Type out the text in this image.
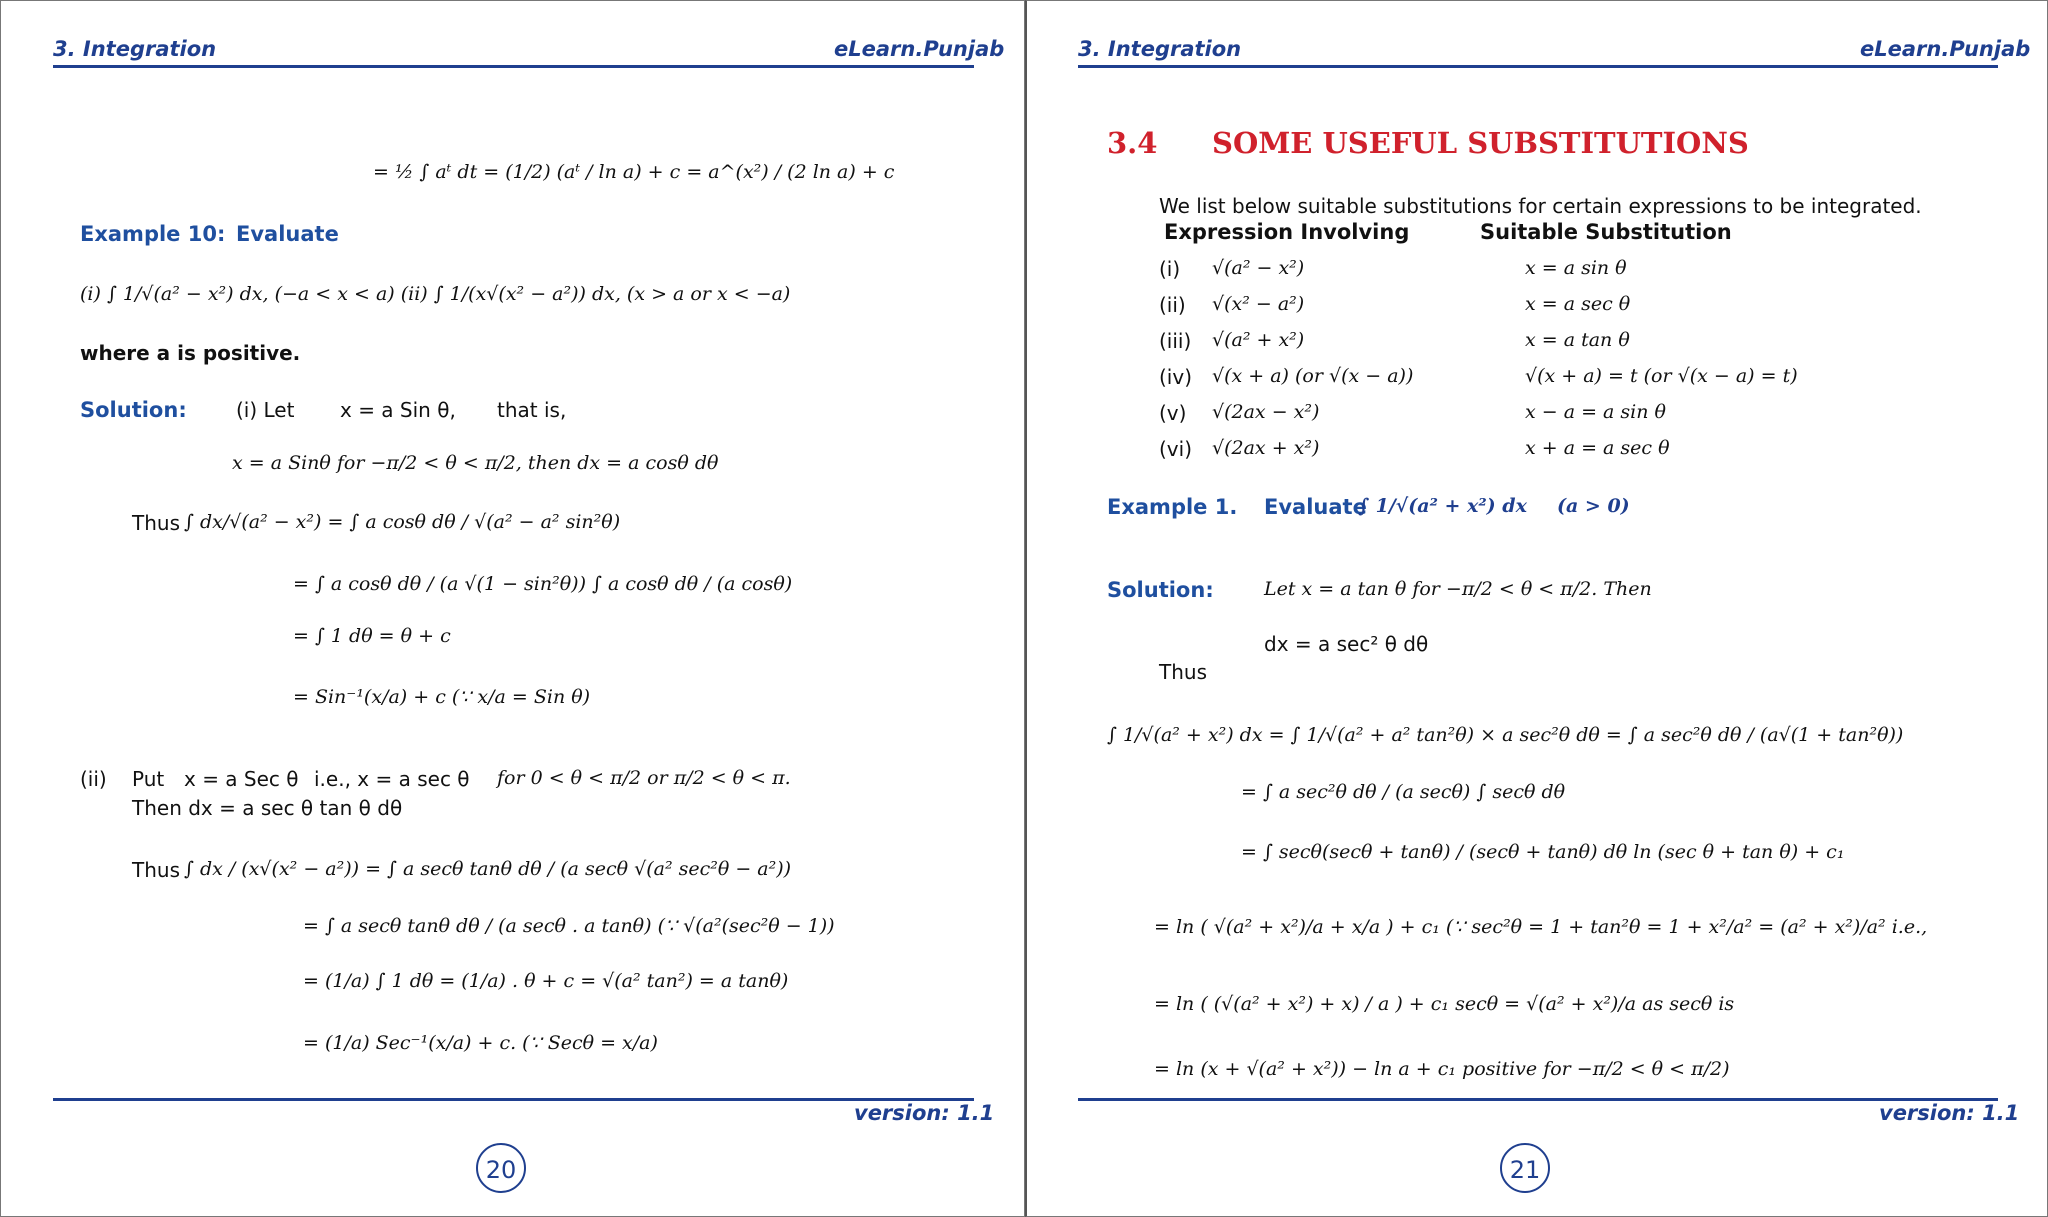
3. Integration	eLearn.Punjab
= ½ ∫ aᵗ dt = (1/2) (aᵗ / ln a) + c = a^(x²) / (2 ln a) + c
Example 10: Evaluate
(i) ∫ 1/√(a² − x²) dx, (−a < x < a) (ii) ∫ 1/(x√(x² − a²)) dx, (x > a or x < −a)
where a is positive.
Solution: (i) Let x = a Sin θ, that is,
x = a Sinθ for −π/2 < θ < π/2, then dx = a cosθ dθ
Thus ∫ dx/√(a² − x²) = ∫ a cosθ dθ / √(a² − a² sin²θ)
= ∫ a cosθ dθ / (a √(1 − sin²θ)) ∫ a cosθ dθ / (a cosθ)
= ∫ 1 dθ = θ + c
= Sin⁻¹(x/a) + c (∵ x/a = Sin θ)
(ii) Put x = a Sec θ i.e., x = a sec θ for 0 < θ < π/2 or π/2 < θ < π.
Then dx = a sec θ tan θ dθ
Thus ∫ dx / (x√(x² − a²)) = ∫ a secθ tanθ dθ / (a secθ √(a² sec²θ − a²))
= ∫ a secθ tanθ dθ / (a secθ . a tanθ) (∵ √(a²(sec²θ − 1))
= (1/a) ∫ 1 dθ = (1/a) . θ + c = √(a² tan²) = a tanθ)
= (1/a) Sec⁻¹(x/a) + c. (∵ Secθ = x/a)
version: 1.1
20
3. Integration	eLearn.Punjab
3.4 SOME USEFUL SUBSTITUTIONS
We list below suitable substitutions for certain expressions to be integrated.
Expression Involving	Suitable Substitution
(i) √(a² − x²)	x = a sin θ
(ii) √(x² − a²)	x = a sec θ
(iii) √(a² + x²)	x = a tan θ
(iv) √(x + a) (or √(x − a))	√(x + a) = t (or √(x − a) = t)
(v) √(2ax − x²)	x − a = a sin θ
(vi) √(2ax + x²)	x + a = a sec θ
Example 1. Evaluate
∫ 1/√(a² + x²) dx (a > 0)
Solution:	Let x = a tan θ for −π/2 < θ < π/2. Then
dx = a sec² θ dθ
Thus
∫ 1/√(a² + x²) dx = ∫ 1/√(a² + a² tan²θ) × a sec²θ dθ = ∫ a sec²θ dθ / (a√(1 + tan²θ))
= ∫ a sec²θ dθ / (a secθ) ∫ secθ dθ
= ∫ secθ(secθ + tanθ) / (secθ + tanθ) dθ ln (sec θ + tan θ) + c₁
= ln ( √(a² + x²)/a + x/a ) + c₁ (∵ sec²θ = 1 + tan²θ = 1 + x²/a² = (a² + x²)/a² i.e.,
= ln ( (√(a² + x²) + x) / a ) + c₁ secθ = √(a² + x²)/a as secθ is
= ln (x + √(a² + x²)) − ln a + c₁ positive for −π/2 < θ < π/2)
version: 1.1
21
